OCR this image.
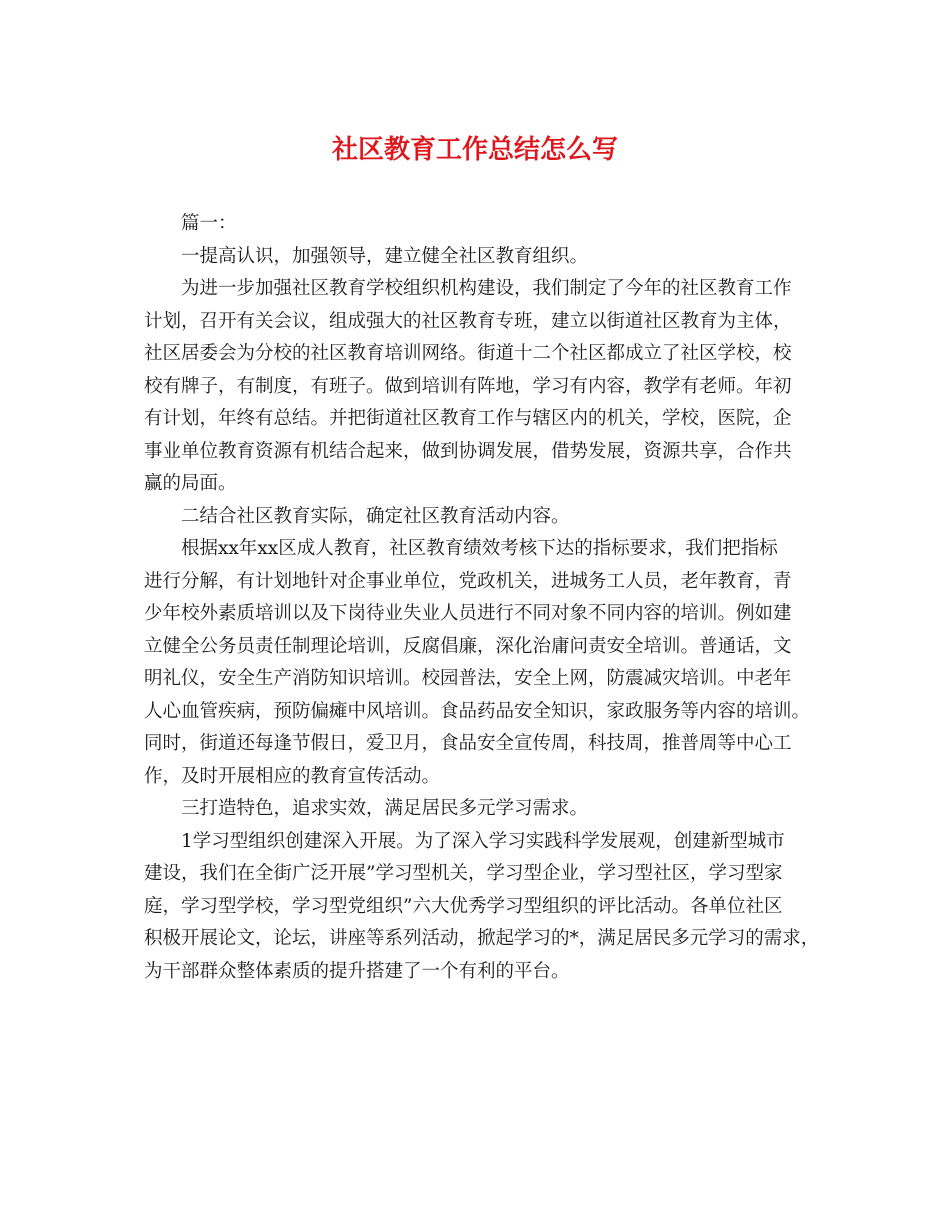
社区教育工作总结怎么写

篇一：

一提高认识，加强领导，建立健全社区教育组织。

为进一步加强社区教育学校组织机构建设，我们制定了今年的社区教育工作
计划，召开有关会议，组成强大的社区教育专班，建立以街道社区教育为主体，
社区居委会为分校的社区教育培训网络。街道十二个社区都成立了社区学校，校
校有牌子，有制度，有班子。做到培训有阵地，学习有内容，教学有老师。年初
有计划，年终有总结。并把街道社区教育工作与辖区内的机关，学校，医院，企
事业单位教育资源有机结合起来，做到协调发展，借势发展，资源共享，合作共
赢的局面。

二结合社区教育实际，确定社区教育活动内容。

根据xx年xx区成人教育，社区教育绩效考核下达的指标要求，我们把指标
进行分解，有计划地针对企事业单位，党政机关，进城务工人员，老年教育，青
少年校外素质培训以及下岗待业失业人员进行不同对象不同内容的培训。例如建
立健全公务员责任制理论培训，反腐倡廉，深化治庸问责安全培训。普通话，文
明礼仪，安全生产消防知识培训。校园普法，安全上网，防震减灾培训。中老年
人心血管疾病，预防偏瘫中风培训。食品药品安全知识，家政服务等内容的培训。
同时，街道还每逢节假日，爱卫月，食品安全宣传周，科技周，推普周等中心工
作，及时开展相应的教育宣传活动。

三打造特色，追求实效，满足居民多元学习需求。

1学习型组织创建深入开展。为了深入学习实践科学发展观，创建新型城市
建设，我们在全街广泛开展”学习型机关，学习型企业，学习型社区，学习型家
庭，学习型学校，学习型党组织”六大优秀学习型组织的评比活动。各单位社区
积极开展论文，论坛，讲座等系列活动，掀起学习的*，满足居民多元学习的需求，
为干部群众整体素质的提升搭建了一个有利的平台。
